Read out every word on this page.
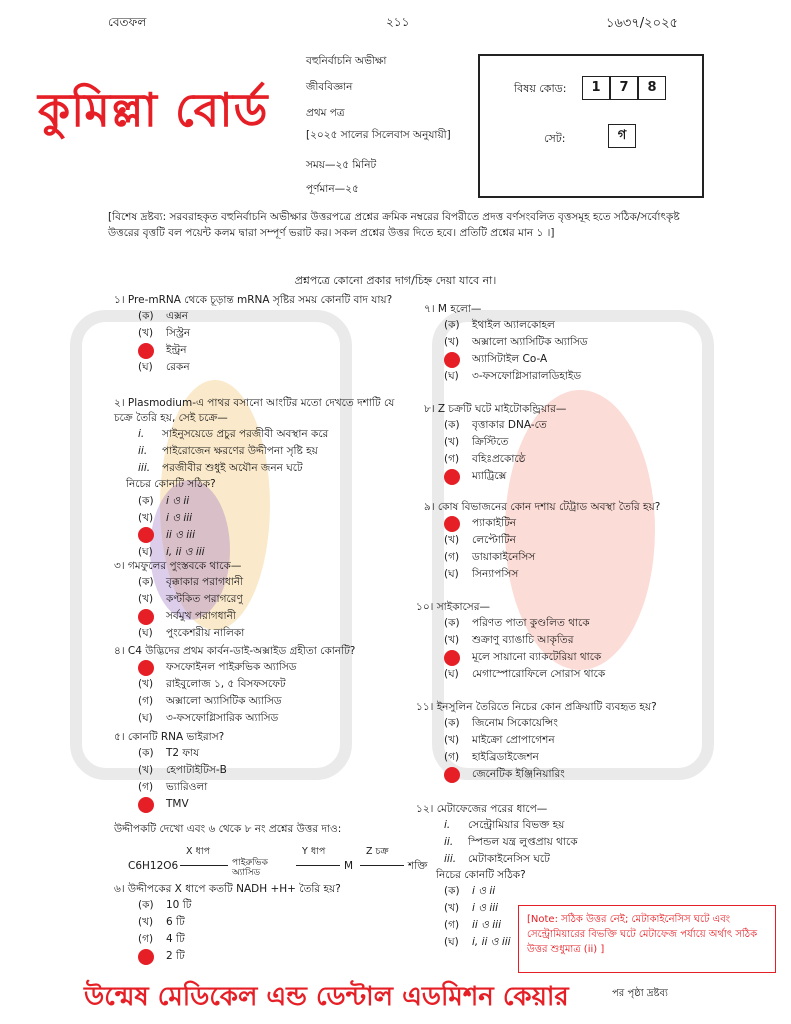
বেতফল	২১১	১৬৩৭/২০২৫
কুমিল্লা বোর্ড
বহুনির্বাচনি অভীক্ষা
জীববিজ্ঞান
প্রথম পত্র
[২০২৫ সালের সিলেবাস অনুযায়ী]
সময়—২৫ মিনিট
পূর্ণমান—২৫
বিষয় কোড:	1 7 8
সেট:	গ
[বিশেষ দ্রষ্টব্য: সরবরাহকৃত বহুনির্বাচনি অভীক্ষার উত্তরপত্রে প্রশ্নের ক্রমিক নম্বরের বিপরীতে প্রদত্ত বর্ণসংবলিত বৃত্তসমূহ হতে সঠিক/সর্বোৎকৃষ্ট উত্তরের বৃত্তটি বল পয়েন্ট কলম দ্বারা সম্পূর্ণ ভরাট কর। সকল প্রশ্নের উত্তর দিতে হবে। প্রতিটি প্রশ্নের মান ১ ।]
প্রশ্নপত্রে কোনো প্রকার দাগ/চিহ্ন দেয়া যাবে না।
১। Pre-mRNA থেকে চূড়ান্ত mRNA সৃষ্টির সময় কোনটি বাদ যায়?
(ক)	এক্সন
(খ)	সিস্ট্রন
ইন্ট্রন
(ঘ)	রেকন
২। Plasmodium-এ পাথর বসানো আংটির মতো দেখতে দশাটি যে চক্রে তৈরি হয়, সেই চক্রে—
i.	সাইনুসয়েডে প্রচুর পরজীবী অবস্থান করে
ii.	পাইরোজেন ক্ষরণের উদ্দীপনা সৃষ্টি হয়
iii.	পরজীবীর শুধুই অযৌন জনন ঘটে
নিচের কোনটি সঠিক?
(ক)	i ও ii
(খ)	i ও iii
ii ও iii
(ঘ)	i, ii ও iii
৩। গমফুলের পুংস্তবকে থাকে—
(ক)	বৃক্কাকার পরাগধানী
(খ)	কণ্টকিত পরাগরেণু
সর্বমুখ পরাগধানী
(ঘ)	পুংকেশরীয় নালিকা
৪। C4 উদ্ভিদের প্রথম কার্বন-ডাই-অক্সাইড গ্রহীতা কোনটি?
ফসফোইনল পাইরুভিক অ্যাসিড
(খ)	রাইবুলোজ ১, ৫ বিসফসফেট
(গ)	অক্সালো অ্যাসিটিক অ্যাসিড
(ঘ)	৩-ফসফোগ্লিসারিক অ্যাসিড
৫। কোনটি RNA ভাইরাস?
(ক)	T2 ফায
(খ)	হেপাটাইটিস-B
(গ)	ভ্যারিওলা
TMV
উদ্দীপকটি দেখো এবং ৬ থেকে ৮ নং প্রশ্নের উত্তর দাও:
C6H12O6
X ধাপ
পাইরুভিক অ্যাসিড
Y ধাপ
M
Z চক্র
শক্তি
৬। উদ্দীপকের X ধাপে কতটি NADH +H+ তৈরি হয়?
(ক)	10 টি
(খ)	6 টি
(গ)	4 টি
2 টি
৭। M হলো—
(ক)	ইথাইল অ্যালকোহল
(খ)	অক্সালো অ্যাসিটিক অ্যাসিড
অ্যাসিটাইল Co-A
(ঘ)	৩-ফসফোগ্লিসারালডিহাইড
৮। Z চক্রটি ঘটে মাইটোকন্ড্রিয়ার—
(ক)	বৃত্তাকার DNA-তে
(খ)	ক্রিস্টিতে
(গ)	বহিঃপ্রকোষ্ঠে
ম্যাট্রিক্সে
৯। কোষ বিভাজনের কোন দশায় টেট্রাড অবস্থা তৈরি হয়?
প্যাকাইটিন
(খ)	লেপ্টোটিন
(গ)	ডায়াকাইনেসিস
(ঘ)	সিন্যাপসিস
১০। সাইকাসের—
(ক)	পরিণত পাতা কুণ্ডলিত থাকে
(খ)	শুক্রাণু ব্যাঙাচি আকৃতির
মূলে সায়ানো ব্যাকটেরিয়া থাকে
(ঘ)	মেগাস্পোরোফিলে সোরাস থাকে
১১। ইনসুলিন তৈরিতে নিচের কোন প্রক্রিয়াটি ব্যবহৃত হয়?
(ক)	জিনোম সিকোয়েন্সিং
(খ)	মাইক্রো প্রোপাগেশন
(গ)	হাইব্রিডাইজেশন
জেনেটিক ইঞ্জিনিয়ারিং
১২। মেটাফেজের পরের ধাপে—
i.	সেন্ট্রোমিয়ার বিভক্ত হয়
ii.	স্পিন্ডল যন্ত্র লুপ্তপ্রায় থাকে
iii.	মেটাকাইনেসিস ঘটে
নিচের কোনটি সঠিক?
(ক)	i ও ii
(খ)	i ও iii
(গ)	ii ও iii
(ঘ)	i, ii ও iii
[Note: সঠিক উত্তর নেই; মেটাকাইনেসিস ঘটে এবং সেন্ট্রোমিয়ারের বিভক্তি ঘটে মেটাফেজ পর্যায়ে অর্থাৎ সঠিক উত্তর শুধুমাত্র (ii) ]
উন্মেষ মেডিকেল এন্ড ডেন্টাল এডমিশন কেয়ার	পর পৃষ্ঠা দ্রষ্টব্য
